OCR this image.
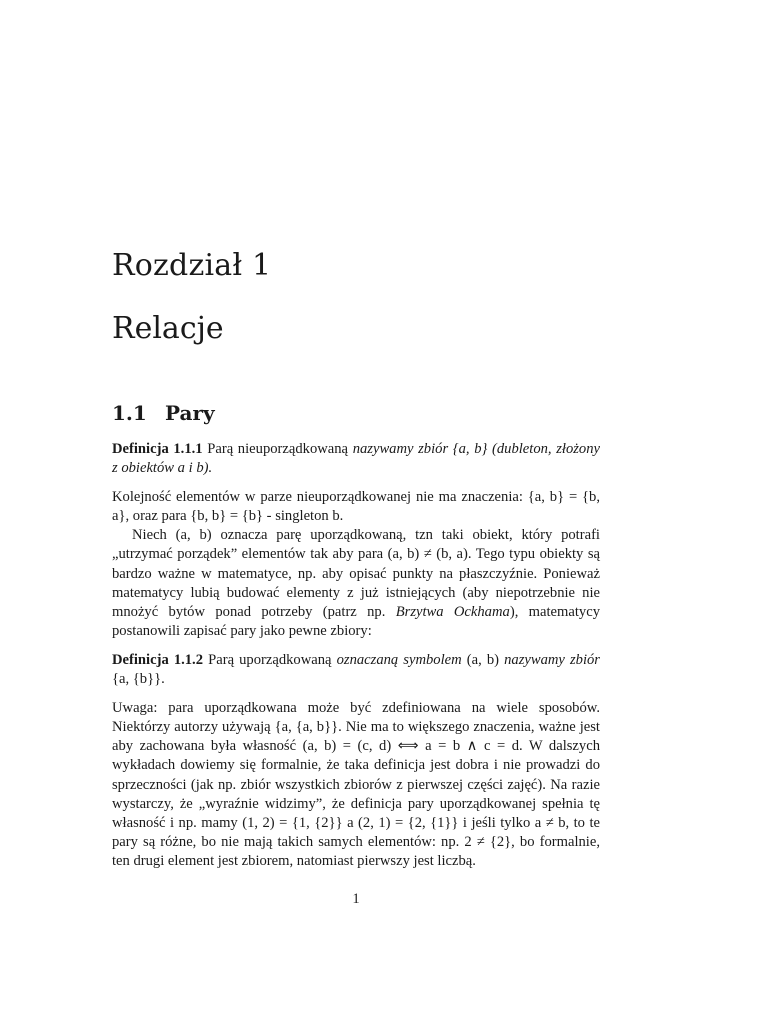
Rozdział 1
Relacje
1.1 Pary

Definicja 1.1.1 Parą nieuporządkowaną nazywamy zbiór {a, b} (dubleton, złożony z obiektów a i b).

Kolejność elementów w parze nieuporządkowanej nie ma znaczenia: {a, b} = {b, a}, oraz para {b, b} = {b} - singleton b.

Niech (a, b) oznacza parę uporządkowaną, tzn taki obiekt, który potrafi „utrzymać porządek” elementów tak aby para (a, b) ≠ (b, a). Tego typu obiekty są bardzo ważne w matematyce, np. aby opisać punkty na płaszczyźnie. Ponieważ matematycy lubią budować elementy z już istniejących (aby niepotrzebnie nie mnożyć bytów ponad potrzeby (patrz np. Brzytwa Ockhama), matematycy postanowili zapisać pary jako pewne zbiory:

Definicja 1.1.2 Parą uporządkowaną oznaczaną symbolem (a, b) nazywamy zbiór {a, {b}}.

Uwaga: para uporządkowana może być zdefiniowana na wiele sposobów. Niektórzy autorzy używają {a, {a, b}}. Nie ma to większego znaczenia, ważne jest aby zachowana była własność (a, b) = (c, d) ⟺ a = b ∧ c = d. W dalszych wykładach dowiemy się formalnie, że taka definicja jest dobra i nie prowadzi do sprzeczności (jak np. zbiór wszystkich zbiorów z pierwszej części zajęć). Na razie wystarczy, że „wyraźnie widzimy”, że definicja pary uporządkowanej spełnia tę własność i np. mamy (1, 2) = {1, {2}} a (2, 1) = {2, {1}} i jeśli tylko a ≠ b, to te pary są różne, bo nie mają takich samych elementów: np. 2 ≠ {2}, bo formalnie, ten drugi element jest zbiorem, natomiast pierwszy jest liczbą.

1
